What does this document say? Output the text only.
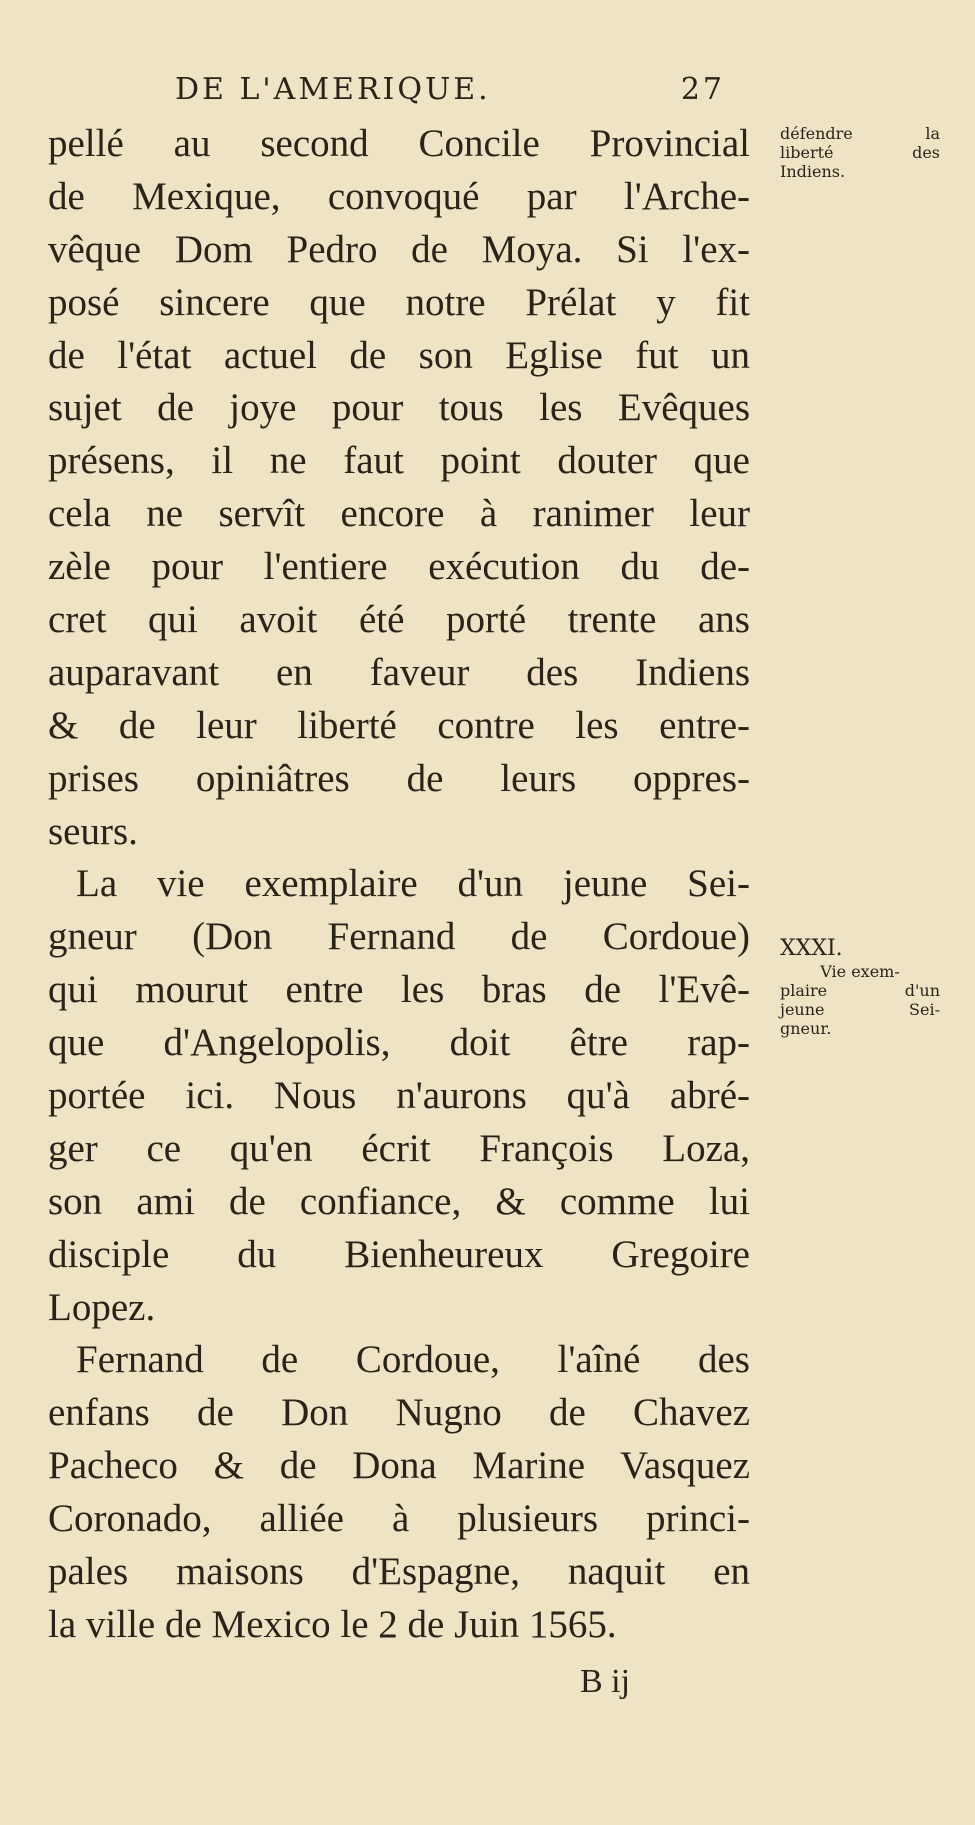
DE L'AMERIQUE.	27
pellé au second Concile Provincial
de Mexique, convoqué par l'Arche-
vêque Dom Pedro de Moya. Si l'ex-
posé sincere que notre Prélat y fit
de l'état actuel de son Eglise fut un
sujet de joye pour tous les Evêques
présens, il ne faut point douter que
cela ne servît encore à ranimer leur
zèle pour l'entiere exécution du de-
cret qui avoit été porté trente ans
auparavant en faveur des Indiens
& de leur liberté contre les entre-
prises opiniâtres de leurs oppres-
seurs.
La vie exemplaire d'un jeune Sei-
gneur (Don Fernand de Cordoue)
qui mourut entre les bras de l'Evê-
que d'Angelopolis, doit être rap-
portée ici. Nous n'aurons qu'à abré-
ger ce qu'en écrit François Loza,
son ami de confiance, & comme lui
disciple du Bienheureux Gregoire
Lopez.
Fernand de Cordoue, l'aîné des
enfans de Don Nugno de Chavez
Pacheco & de Dona Marine Vasquez
Coronado, alliée à plusieurs princi-
pales maisons d'Espagne, naquit en
la ville de Mexico le 2 de Juin 1565.
B ij
défendre la
liberté des
Indiens.
XXXI.
Vie exem-
plaire d'un
jeune Sei-
gneur.
